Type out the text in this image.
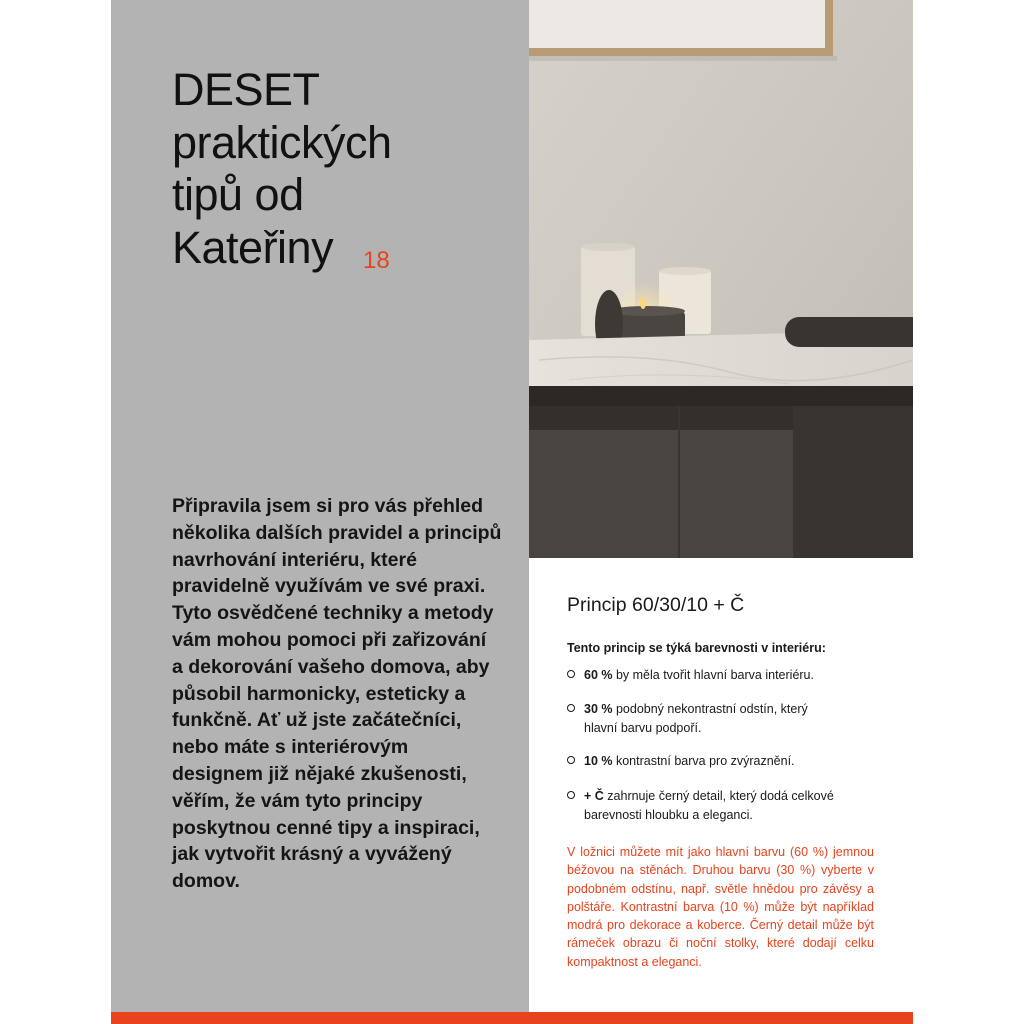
DESET
praktických
tipů od
Kateřiny	18

Připravila jsem si pro vás přehled několika dalších pravidel a principů navrhování interiéru, které pravidelně využívám ve své praxi. Tyto osvědčené techniky a metody vám mohou pomoci při zařizování a dekorování vašeho domova, aby působil harmonicky, esteticky a funkčně. Ať už jste začátečníci, nebo máte s interiérovým designem již nějaké zkušenosti, věřím, že vám tyto principy poskytnou cenné tipy a inspiraci, jak vytvořit krásný a vyvážený domov.

Princip 60/30/10 + Č

Tento princip se týká barevnosti v interiéru:

60 % by měla tvořit hlavní barva interiéru.
30 % podobný nekontrastní odstín, který hlavní barvu podpoří.
10 % kontrastní barva pro zvýraznění.
+ Č zahrnuje černý detail, který dodá celkové barevnosti hloubku a eleganci.

V ložnici můžete mít jako hlavní barvu (60 %) jemnou béžovou na stěnách. Druhou barvu (30 %) vyberte v podobném odstínu, např. světle hnědou pro závěsy a polštáře. Kontrastní barva (10 %) může být například modrá pro dekorace a koberce. Černý detail může být rámeček obrazu či noční stolky, které dodají celku kompaktnost a eleganci.
